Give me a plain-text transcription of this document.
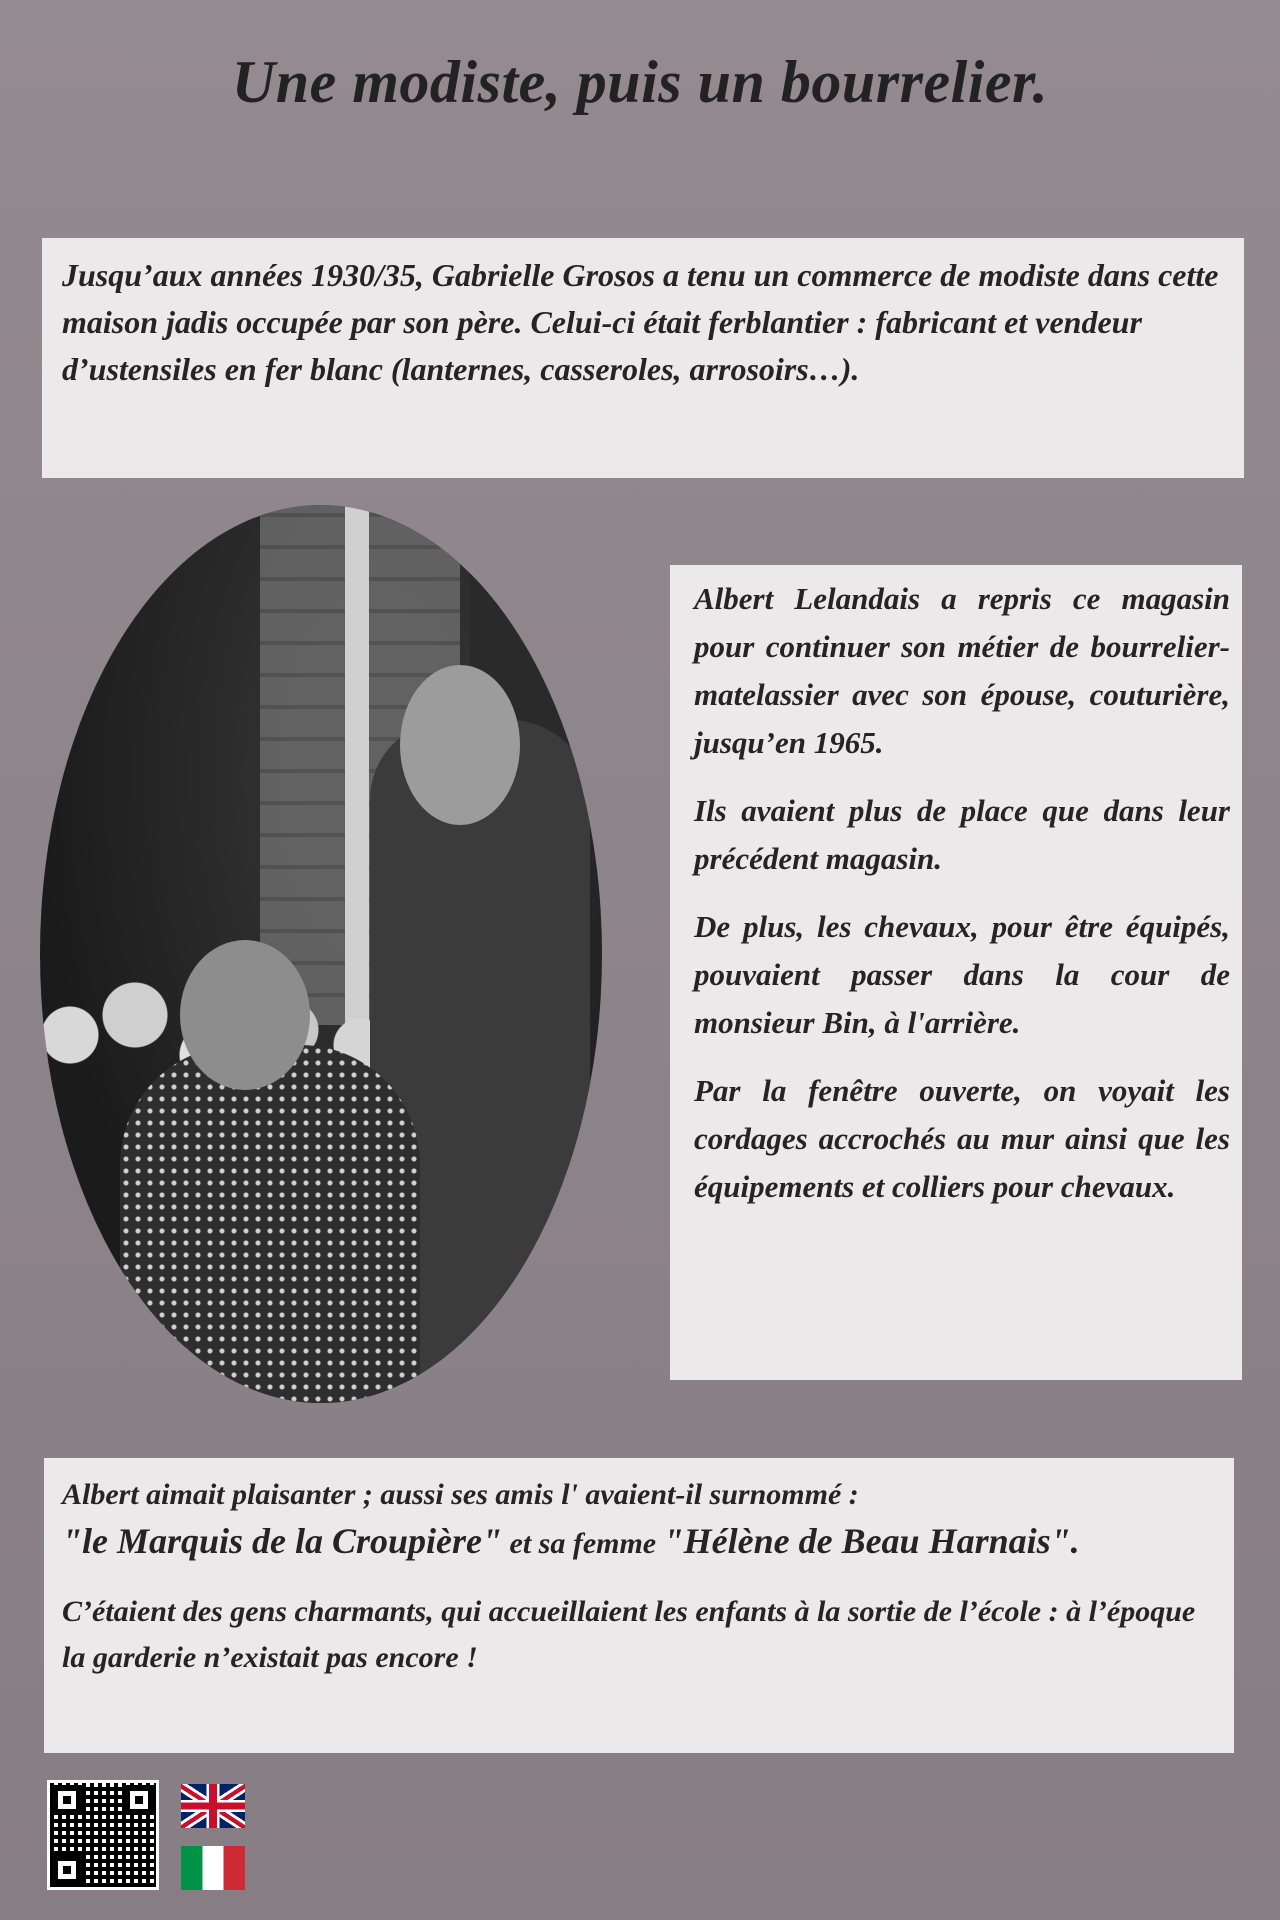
Une modiste, puis un bourrelier.

Jusqu’aux années 1930/35, Gabrielle Grosos a tenu un commerce de modiste dans cette maison jadis occupée par son père. Celui-ci était ferblantier : fabricant et vendeur d’ustensiles en fer blanc (lanternes, casseroles, arrosoirs…).

Albert Lelandais a repris ce magasin pour continuer son métier de bourrelier-matelassier avec son épouse, couturière, jusqu’en 1965.

Ils avaient plus de place que dans leur précédent magasin.

De plus, les chevaux, pour être équipés, pouvaient passer dans la cour de monsieur Bin, à l'arrière.

Par la fenêtre ouverte, on voyait les cordages accrochés au mur ainsi que les équipements et colliers pour chevaux.

Albert aimait plaisanter ; aussi ses amis l' avaient-il surnommé :
"le Marquis de la Croupière" et sa femme "Hélène de Beau Harnais".

C’étaient des gens charmants, qui accueillaient les enfants à la sortie de l’école : à l’époque la garderie n’existait pas encore !
